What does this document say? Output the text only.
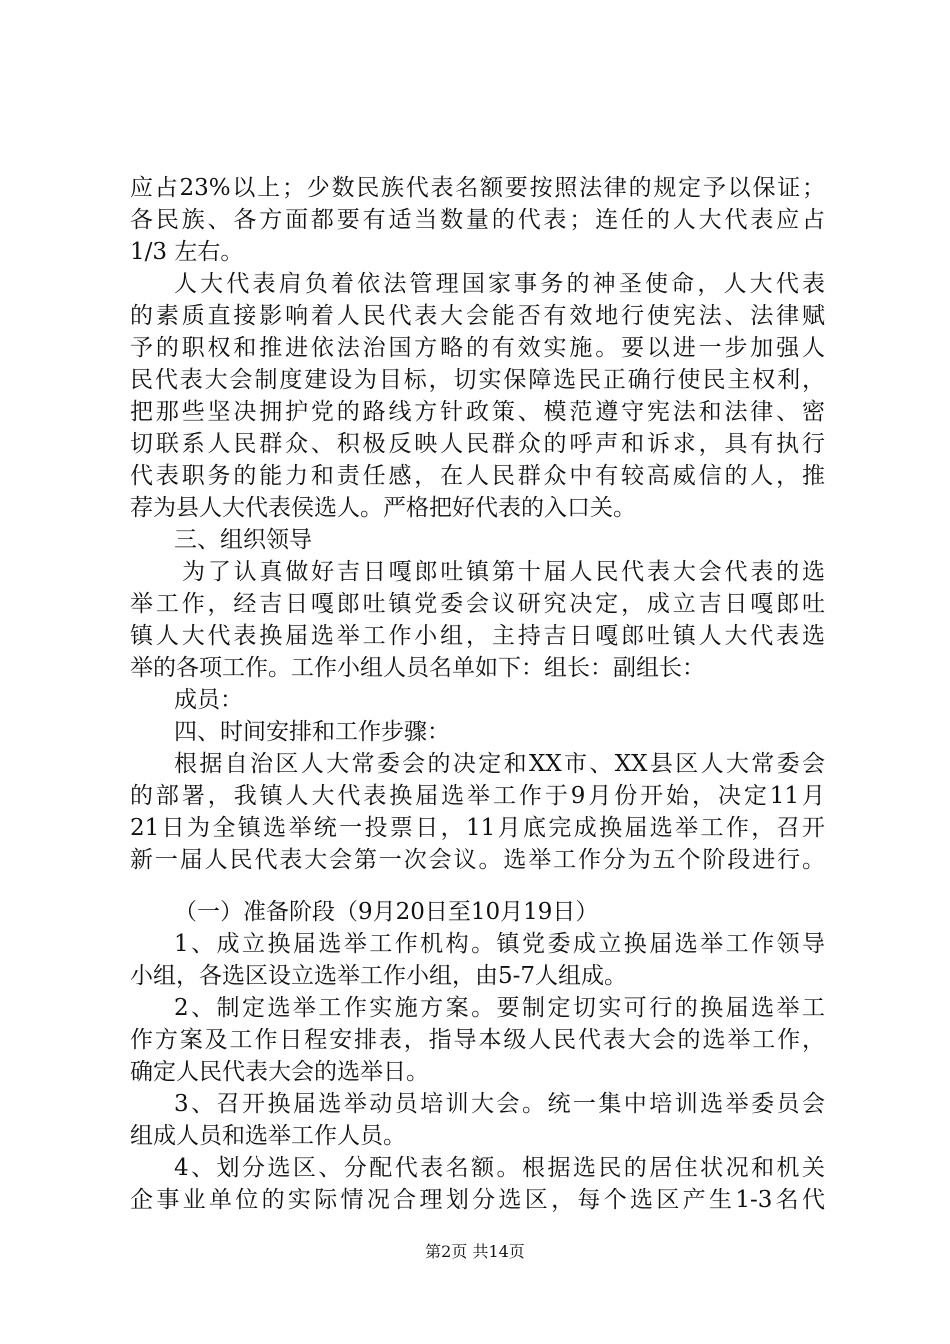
应占23%以上；少数民族代表名额要按照法律的规定予以保证；
各民族、各方面都要有适当数量的代表；连任的人大代表应占
1/3 左右。
人大代表肩负着依法管理国家事务的神圣使命，人大代表
的素质直接影响着人民代表大会能否有效地行使宪法、法律赋
予的职权和推进依法治国方略的有效实施。要以进一步加强人
民代表大会制度建设为目标，切实保障选民正确行使民主权利，
把那些坚决拥护党的路线方针政策、模范遵守宪法和法律、密
切联系人民群众、积极反映人民群众的呼声和诉求，具有执行
代表职务的能力和责任感，在人民群众中有较高威信的人，推
荐为县人大代表侯选人。严格把好代表的入口关。
三、组织领导
为了认真做好吉日嘎郎吐镇第十届人民代表大会代表的选
举工作，经吉日嘎郎吐镇党委会议研究决定，成立吉日嘎郎吐
镇人大代表换届选举工作小组，主持吉日嘎郎吐镇人大代表选
举的各项工作。工作小组人员名单如下：组长：副组长：
成员：
四、时间安排和工作步骤：
根据自治区人大常委会的决定和XX市、XX县区人大常委会
的部署，我镇人大代表换届选举工作于9月份开始，决定11月
21日为全镇选举统一投票日，11月底完成换届选举工作，召开
新一届人民代表大会第一次会议。选举工作分为五个阶段进行。
（一）准备阶段（9月20日至10月19日）
1、成立换届选举工作机构。镇党委成立换届选举工作领导
小组，各选区设立选举工作小组，由5-7人组成。
2、制定选举工作实施方案。要制定切实可行的换届选举工
作方案及工作日程安排表，指导本级人民代表大会的选举工作，
确定人民代表大会的选举日。
3、召开换届选举动员培训大会。统一集中培训选举委员会
组成人员和选举工作人员。
4、划分选区、分配代表名额。根据选民的居住状况和机关
企事业单位的实际情况合理划分选区，每个选区产生1-3名代
第2页 共14页
